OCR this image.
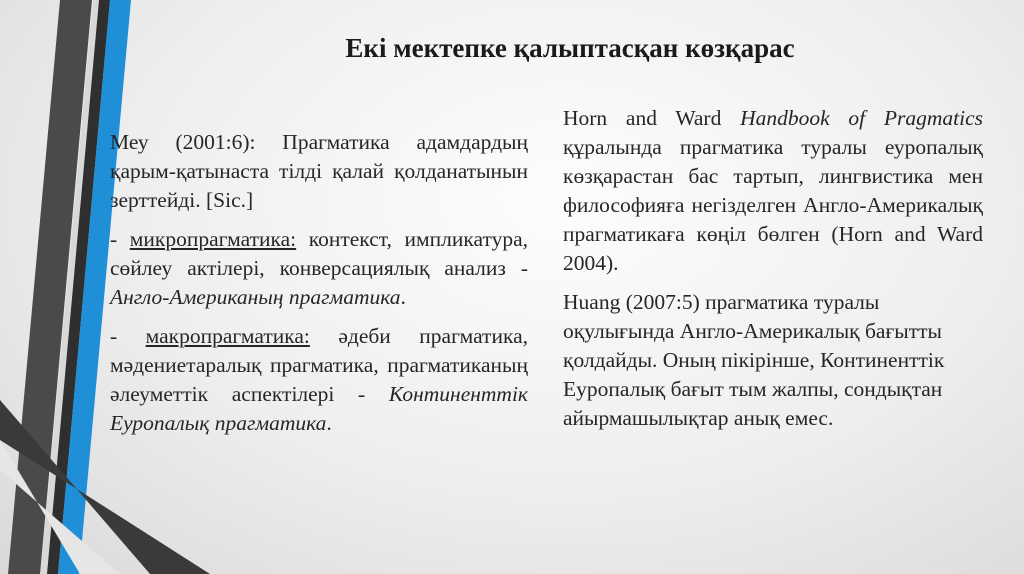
Екі мектепке қалыптасқан көзқарас

Меу (2001:6): Прагматика адамдардың қарым-қатынаста тілді қалай қолданатынын зерттейді. [Sic.]

- микропрагматика: контекст, импликатура, сөйлеу актілері, конверсациялық анализ - Англо-Американың прагматика.

- макропрагматика: әдеби прагматика, мәдениетаралық прагматика, прагматиканың әлеуметтік аспектілері - Континенттік Еуропалық прагматика.

Horn and Ward Handbook of Pragmatics құралында прагматика туралы еуропалық көзқарастан бас тартып, лингвистика мен философияға негізделген Англо-Америкалық прагматикаға көңіл бөлген (Horn and Ward 2004).

Huang (2007:5) прагматика туралы оқулығында Англо-Америкалық бағытты қолдайды. Оның пікірінше, Континенттік Еуропалық бағыт тым жалпы, сондықтан айырмашылықтар анық емес.
